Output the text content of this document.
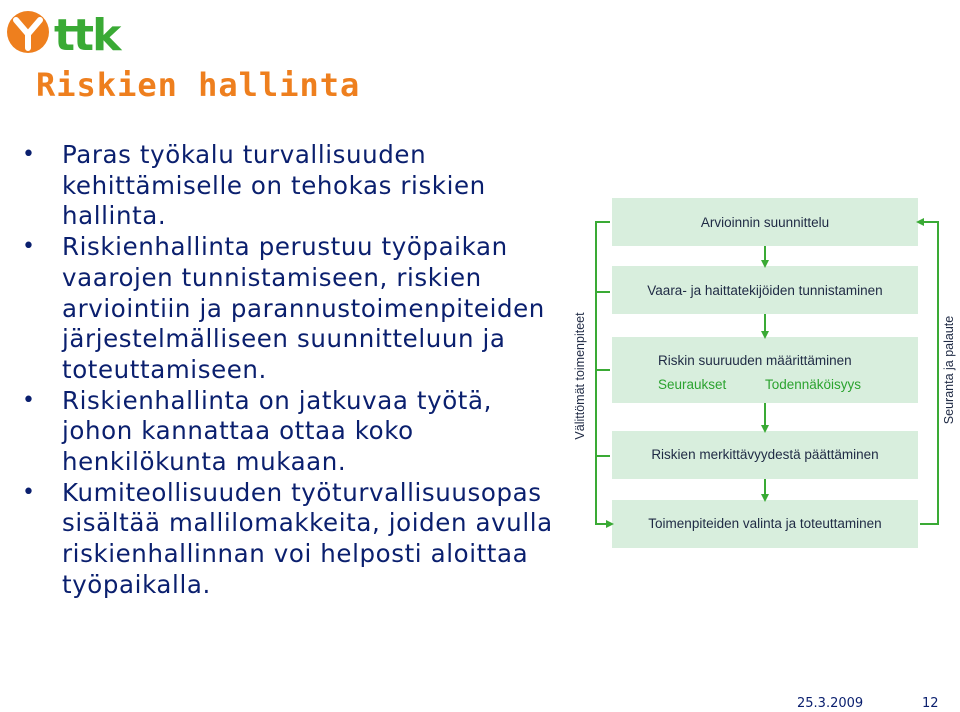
ttk
Riskien hallinta
• Paras työkalu turvallisuuden kehittämiselle on tehokas riskien hallinta.
• Riskienhallinta perustuu työpaikan vaarojen tunnistamiseen, riskien arviointiin ja parannustoimenpiteiden järjestelmälliseen suunnitteluun ja toteuttamiseen.
• Riskienhallinta on jatkuvaa työtä, johon kannattaa ottaa koko henkilökunta mukaan.
• Kumiteollisuuden työturvallisuusopas sisältää mallilomakkeita, joiden avulla riskienhallinnan voi helposti aloittaa työpaikalla.
Arvioinnin suunnittelu
Vaara- ja haittatekijöiden tunnistaminen
Riskin suuruuden määrittäminen
Seuraukset	Todennäköisyys
Riskien merkittävyydestä päättäminen
Toimenpiteiden valinta ja toteuttaminen
Välittömät toimenpiteet	Seuranta ja palaute
25.3.2009	12
